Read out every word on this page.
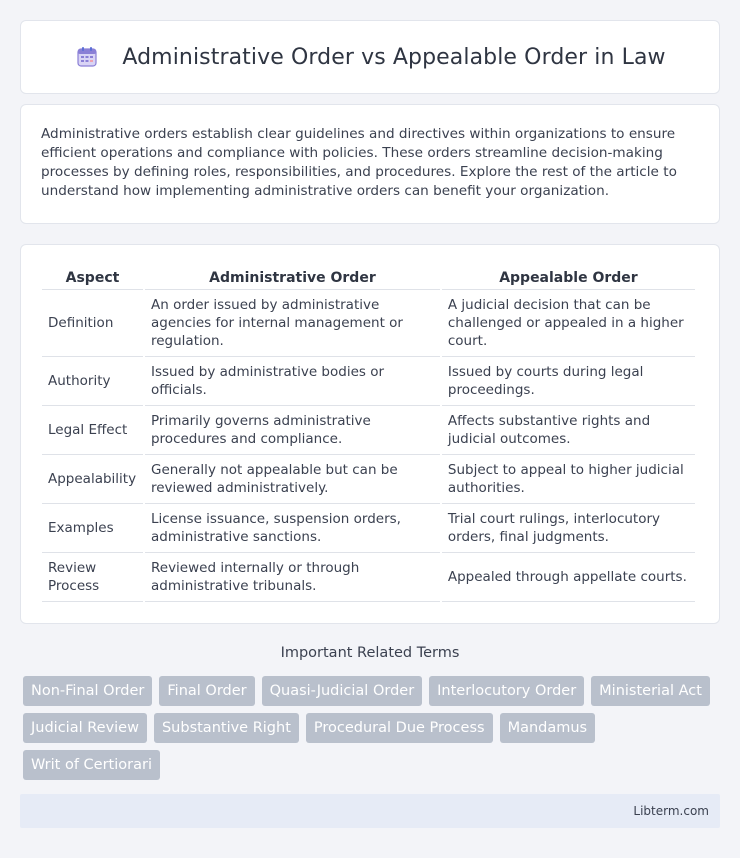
Administrative Order vs Appealable Order in Law

Administrative orders establish clear guidelines and directives within organizations to ensure efficient operations and compliance with policies. These orders streamline decision-making processes by defining roles, responsibilities, and procedures. Explore the rest of the article to understand how implementing administrative orders can benefit your organization.

Aspect	Administrative Order	Appealable Order
Definition	An order issued by administrative agencies for internal management or regulation.	A judicial decision that can be challenged or appealed in a higher court.
Authority	Issued by administrative bodies or officials.	Issued by courts during legal proceedings.
Legal Effect	Primarily governs administrative procedures and compliance.	Affects substantive rights and judicial outcomes.
Appealability	Generally not appealable but can be reviewed administratively.	Subject to appeal to higher judicial authorities.
Examples	License issuance, suspension orders, administrative sanctions.	Trial court rulings, interlocutory orders, final judgments.
Review Process	Reviewed internally or through administrative tribunals.	Appealed through appellate courts.
Important Related Terms
Non-Final Order	Final Order	Quasi-Judicial Order	Interlocutory Order	Ministerial Act
Judicial Review	Substantive Right	Procedural Due Process	Mandamus
Writ of Certiorari
Libterm.com
